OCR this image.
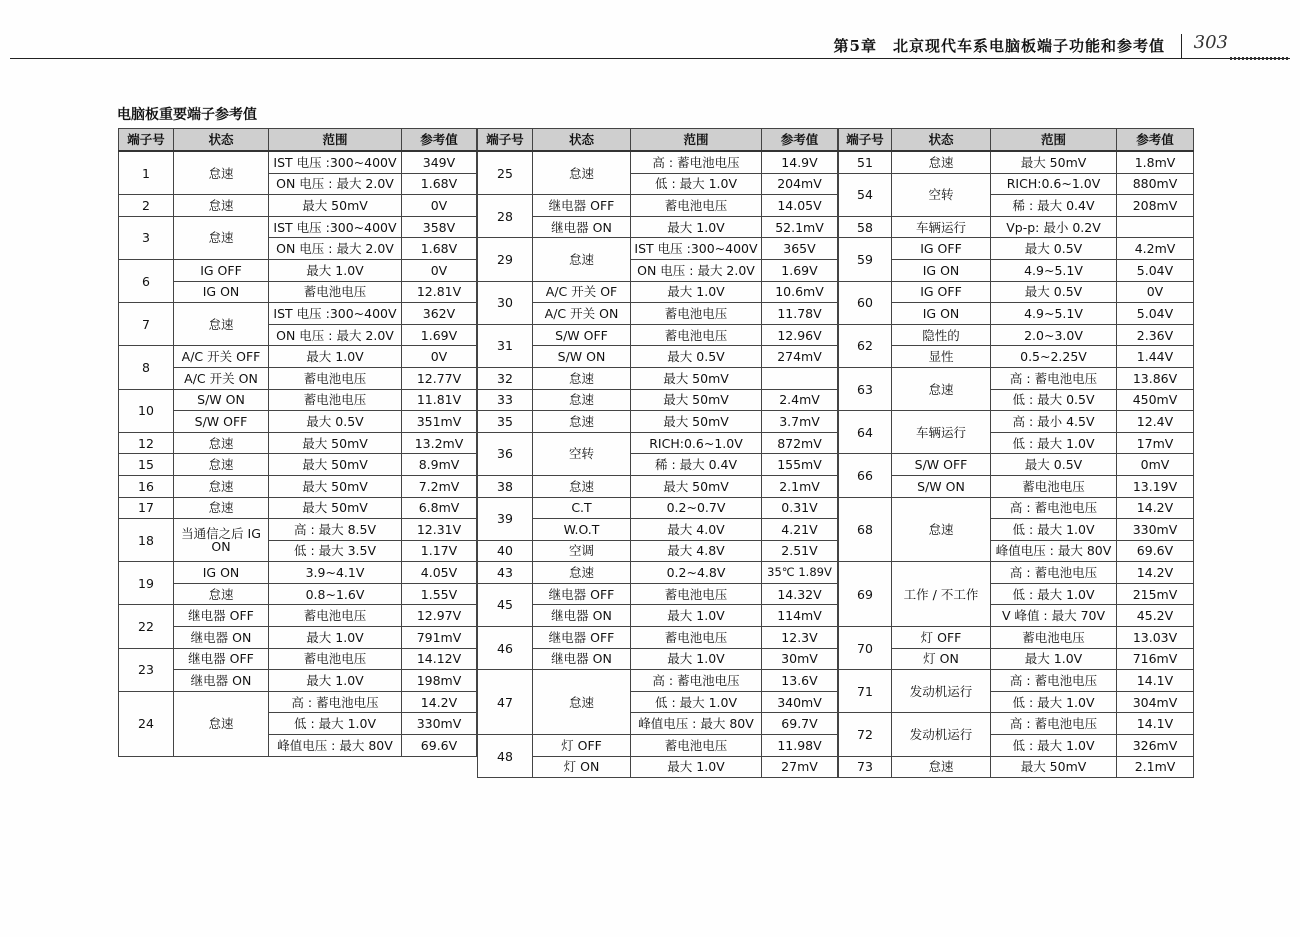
第5章　北京现代车系电脑板端子功能和参考值 303
电脑板重要端子参考值
端子号	状态	范围	参考值
1	怠速	IST 电压 :300~400V	349V
		ON 电压 : 最大 2.0V	1.68V
2	怠速	最大 50mV	0V
3	怠速	IST 电压 :300~400V	358V
		ON 电压 : 最大 2.0V	1.68V
6	IG OFF	最大 1.0V	0V
	IG ON	蓄电池电压	12.81V
7	怠速	IST 电压 :300~400V	362V
		ON 电压 : 最大 2.0V	1.69V
8	A/C 开关 OFF	最大 1.0V	0V
	A/C 开关 ON	蓄电池电压	12.77V
10	S/W ON	蓄电池电压	11.81V
	S/W OFF	最大 0.5V	351mV
12	怠速	最大 50mV	13.2mV
15	怠速	最大 50mV	8.9mV
16	怠速	最大 50mV	7.2mV
17	怠速	最大 50mV	6.8mV
18	当通信之后 IG ON	高 : 最大 8.5V	12.31V
		低 : 最大 3.5V	1.17V
19	IG ON	3.9~4.1V	4.05V
	怠速	0.8~1.6V	1.55V
22	继电器 OFF	蓄电池电压	12.97V
	继电器 ON	最大 1.0V	791mV
23	继电器 OFF	蓄电池电压	14.12V
	继电器 ON	最大 1.0V	198mV
24	怠速	高 : 蓄电池电压	14.2V
		低 : 最大 1.0V	330mV
		峰值电压 : 最大 80V	69.6V
端子号	状态	范围	参考值
25	怠速	高 : 蓄电池电压	14.9V
		低 : 最大 1.0V	204mV
28	继电器 OFF	蓄电池电压	14.05V
	继电器 ON	最大 1.0V	52.1mV
29	怠速	IST 电压 :300~400V	365V
		ON 电压 : 最大 2.0V	1.69V
30	A/C 开关 OF	最大 1.0V	10.6mV
	A/C 开关 ON	蓄电池电压	11.78V
31	S/W OFF	蓄电池电压	12.96V
	S/W ON	最大 0.5V	274mV
32	怠速	最大 50mV	
33	怠速	最大 50mV	2.4mV
35	怠速	最大 50mV	3.7mV
36	空转	RICH:0.6~1.0V	872mV
		稀 : 最大 0.4V	155mV
38	怠速	最大 50mV	2.1mV
39	C.T	0.2~0.7V	0.31V
	W.O.T	最大 4.0V	4.21V
40	空调	最大 4.8V	2.51V
43	怠速	0.2~4.8V	35℃ 1.89V
45	继电器 OFF	蓄电池电压	14.32V
	继电器 ON	最大 1.0V	114mV
46	继电器 OFF	蓄电池电压	12.3V
	继电器 ON	最大 1.0V	30mV
47	怠速	高 : 蓄电池电压	13.6V
		低 : 最大 1.0V	340mV
		峰值电压 : 最大 80V	69.7V
48	灯 OFF	蓄电池电压	11.98V
	灯 ON	最大 1.0V	27mV
端子号	状态	范围	参考值
51	怠速	最大 50mV	1.8mV
54	空转	RICH:0.6~1.0V	880mV
		稀 : 最大 0.4V	208mV
58	车辆运行	Vp-p: 最小 0.2V	
59	IG OFF	最大 0.5V	4.2mV
	IG ON	4.9~5.1V	5.04V
60	IG OFF	最大 0.5V	0V
	IG ON	4.9~5.1V	5.04V
62	隐性的	2.0~3.0V	2.36V
	显性	0.5~2.25V	1.44V
63	怠速	高 : 蓄电池电压	13.86V
		低 : 最大 0.5V	450mV
64	车辆运行	高 : 最小 4.5V	12.4V
		低 : 最大 1.0V	17mV
66	S/W OFF	最大 0.5V	0mV
	S/W ON	蓄电池电压	13.19V
68	怠速	高 : 蓄电池电压	14.2V
		低 : 最大 1.0V	330mV
		峰值电压 : 最大 80V	69.6V
69	工作 / 不工作	高 : 蓄电池电压	14.2V
		低 : 最大 1.0V	215mV
		V 峰值 : 最大 70V	45.2V
70	灯 OFF	蓄电池电压	13.03V
	灯 ON	最大 1.0V	716mV
71	发动机运行	高 : 蓄电池电压	14.1V
		低 : 最大 1.0V	304mV
72	发动机运行	高 : 蓄电池电压	14.1V
		低 : 最大 1.0V	326mV
73	怠速	最大 50mV	2.1mV
